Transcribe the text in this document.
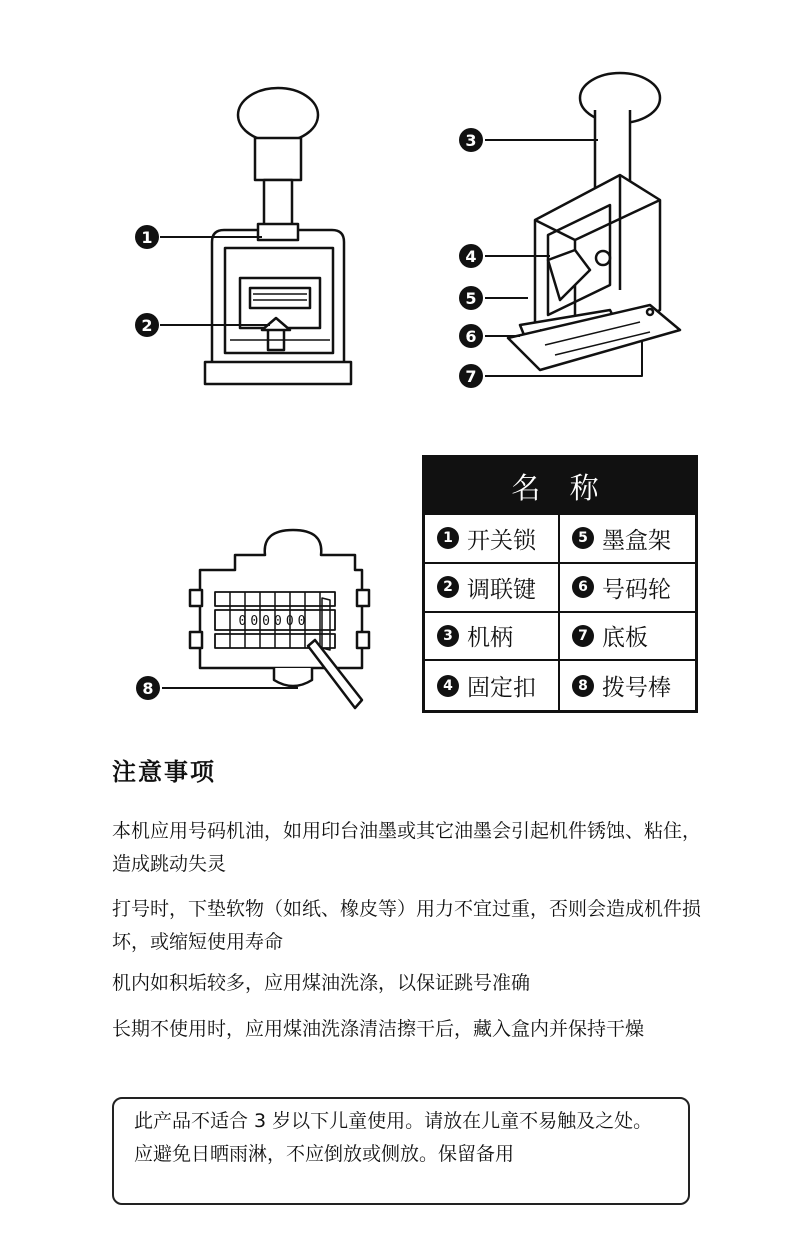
1
2
3
4
5
6
7
8
000000
名 称
1 开关锁	5 墨盒架
2 调联键	6 号码轮
3 机柄	7 底板
4 固定扣	8 拨号棒
注意事项
本机应用号码机油，如用印台油墨或其它油墨会引起机件锈蚀、粘住，造成跳动失灵
打号时，下垫软物（如纸、橡皮等）用力不宜过重，否则会造成机件损坏，或缩短使用寿命
机内如积垢较多，应用煤油洗涤，以保证跳号准确
长期不使用时，应用煤油洗涤清洁擦干后，藏入盒内并保持干燥
此产品不适合 3 岁以下儿童使用。请放在儿童不易触及之处。应避免日晒雨淋，不应倒放或侧放。保留备用
